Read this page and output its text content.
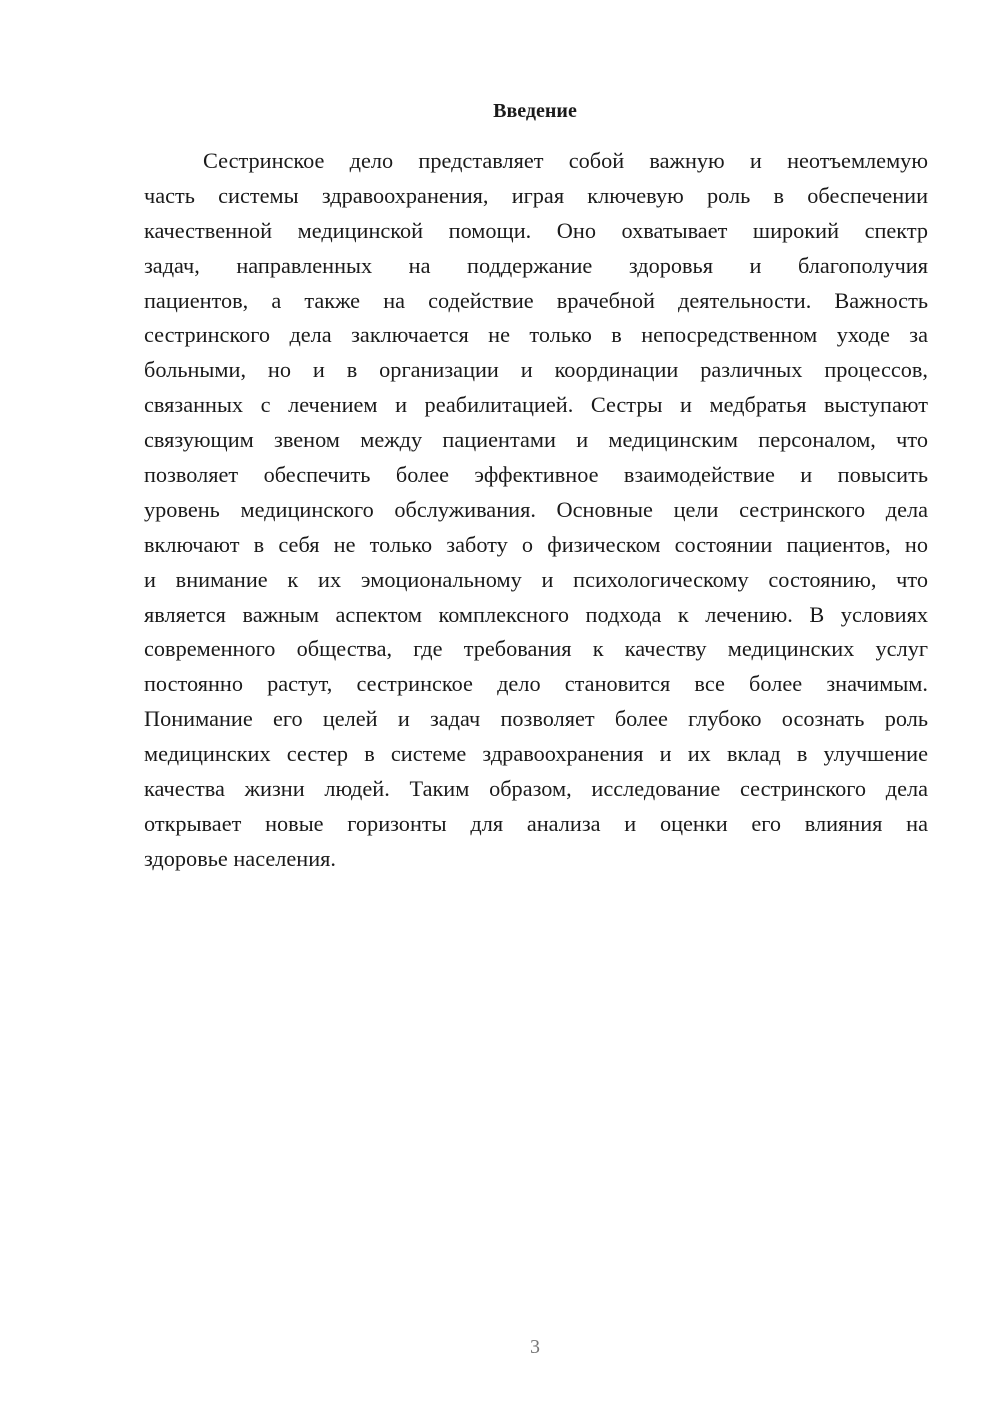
Введение
Сестринское дело представляет собой важную и неотъемлемую
часть системы здравоохранения, играя ключевую роль в обеспечении
качественной медицинской помощи. Оно охватывает широкий спектр
задач, направленных на поддержание здоровья и благополучия
пациентов, а также на содействие врачебной деятельности. Важность
сестринского дела заключается не только в непосредственном уходе за
больными, но и в организации и координации различных процессов,
связанных с лечением и реабилитацией. Сестры и медбратья выступают
связующим звеном между пациентами и медицинским персоналом, что
позволяет обеспечить более эффективное взаимодействие и повысить
уровень медицинского обслуживания. Основные цели сестринского дела
включают в себя не только заботу о физическом состоянии пациентов, но
и внимание к их эмоциональному и психологическому состоянию, что
является важным аспектом комплексного подхода к лечению. В условиях
современного общества, где требования к качеству медицинских услуг
постоянно растут, сестринское дело становится все более значимым.
Понимание его целей и задач позволяет более глубоко осознать роль
медицинских сестер в системе здравоохранения и их вклад в улучшение
качества жизни людей. Таким образом, исследование сестринского дела
открывает новые горизонты для анализа и оценки его влияния на
здоровье населения.
3
